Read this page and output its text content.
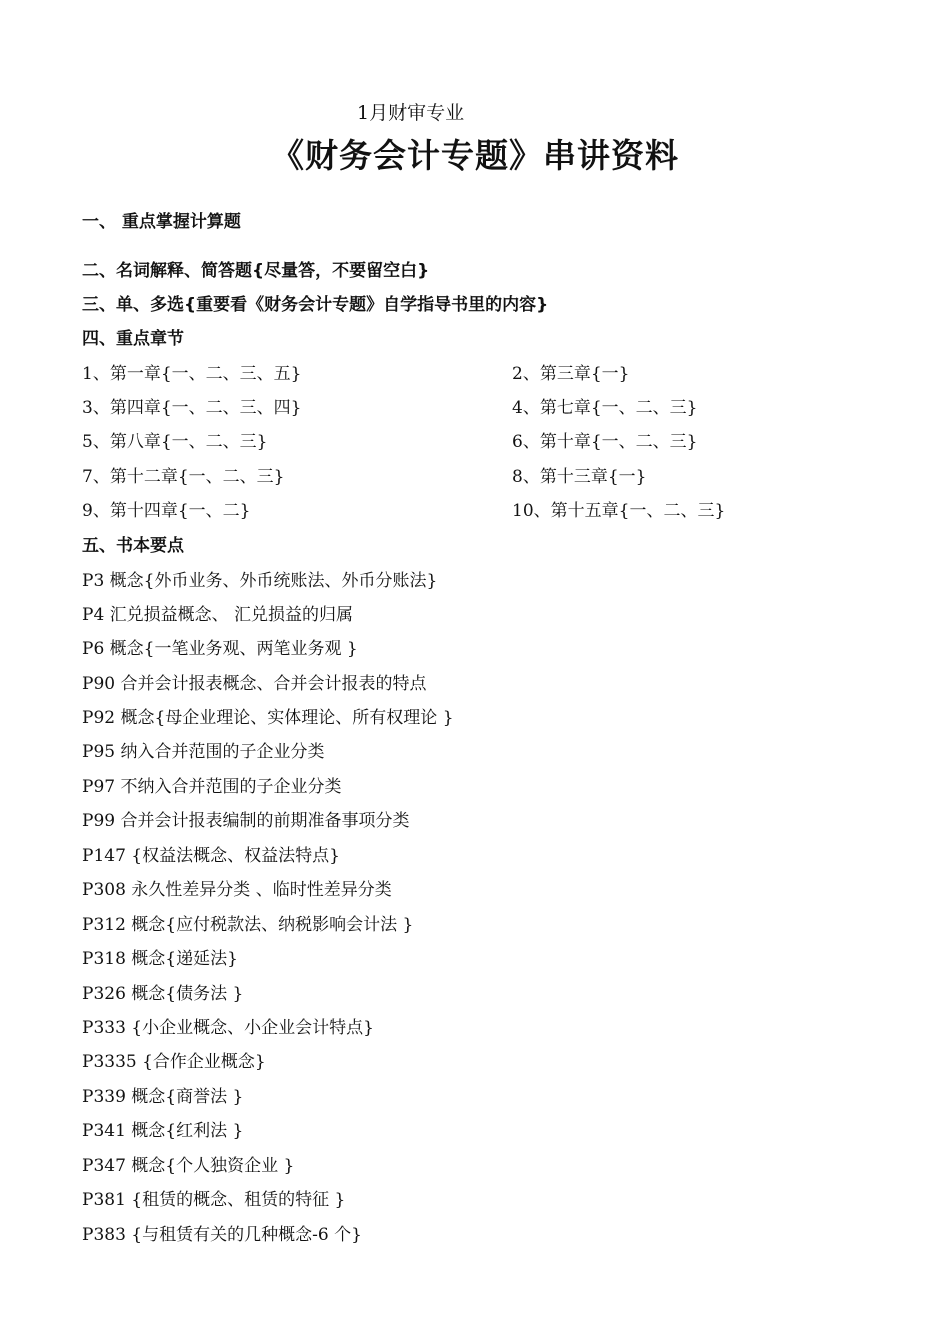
1月财审专业
《财务会计专题》串讲资料
一、 重点掌握计算题
二、名词解释、简答题{尽量答，不要留空白}
三、单、多选{重要看《财务会计专题》自学指导书里的内容}
四、重点章节
1、第一章{一、二、三、五}	2、第三章{一}
3、第四章{一、二、三、四}	4、第七章{一、二、三}
5、第八章{一、二、三}	6、第十章{一、二、三}
7、第十二章{一、二、三}	8、第十三章{一}
9、第十四章{一、二}	10、第十五章{一、二、三}
五、书本要点
P3 概念{外币业务、外币统账法、外币分账法}
P4 汇兑损益概念、 汇兑损益的归属
P6 概念{一笔业务观、两笔业务观 }
P90 合并会计报表概念、合并会计报表的特点
P92 概念{母企业理论、实体理论、所有权理论 }
P95 纳入合并范围的子企业分类
P97 不纳入合并范围的子企业分类
P99 合并会计报表编制的前期准备事项分类
P147 {权益法概念、权益法特点}
P308 永久性差异分类 、临时性差异分类
P312 概念{应付税款法、纳税影响会计法 }
P318 概念{递延法}
P326 概念{债务法 }
P333 {小企业概念、小企业会计特点}
P3335 {合作企业概念}
P339 概念{商誉法 }
P341 概念{红利法 }
P347 概念{个人独资企业 }
P381 {租赁的概念、租赁的特征 }
P383 {与租赁有关的几种概念-6 个}
